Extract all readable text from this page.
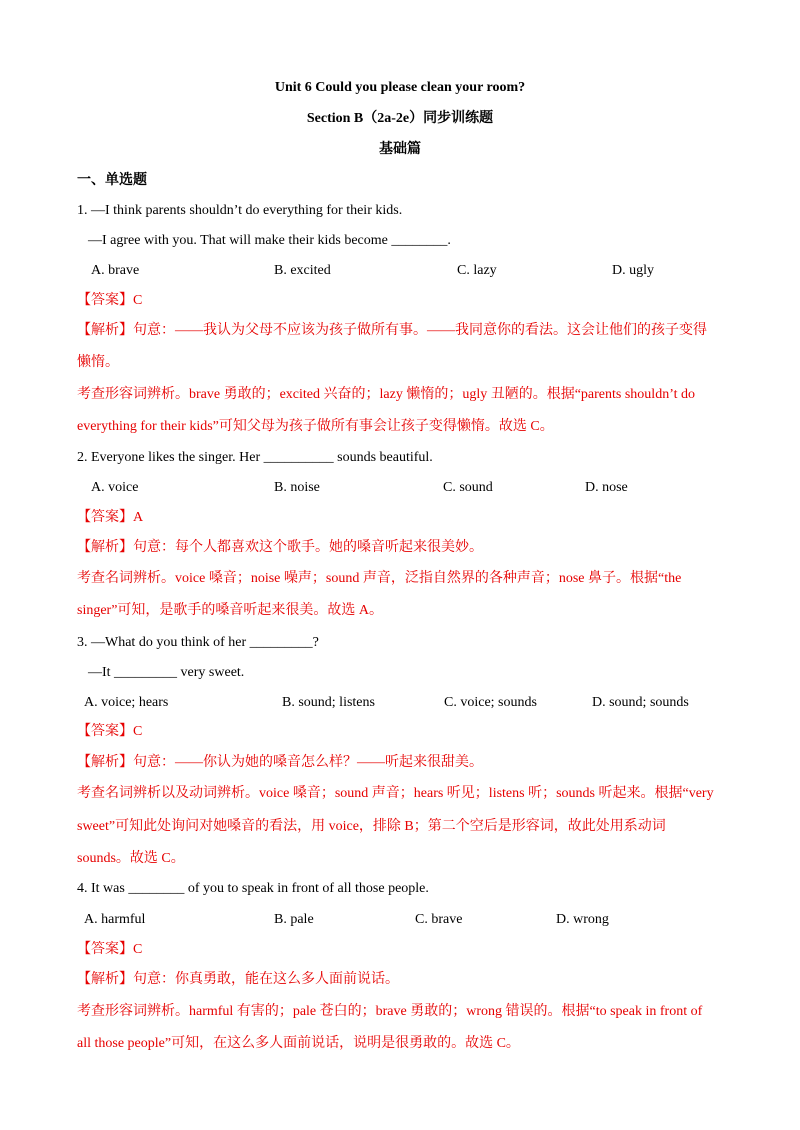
Unit 6 Could you please clean your room?
Section B（2a-2e）同步训练题
基础篇
一、单选题
1. —I think parents shouldn’t do everything for their kids.
—I agree with you. That will make their kids become ________.
A. brave	B. excited	C. lazy	D. ugly
【答案】C
【解析】句意：——我认为父母不应该为孩子做所有事。——我同意你的看法。这会让他们的孩子变得
懒惰。
考查形容词辨析。brave 勇敢的；excited 兴奋的；lazy 懒惰的；ugly 丑陋的。根据“parents shouldn’t do
everything for their kids”可知父母为孩子做所有事会让孩子变得懒惰。故选 C。
2. Everyone likes the singer. Her __________ sounds beautiful.
A. voice	B. noise	C. sound	D. nose
【答案】A
【解析】句意：每个人都喜欢这个歌手。她的嗓音听起来很美妙。
考查名词辨析。voice 嗓音；noise 噪声；sound 声音，泛指自然界的各种声音；nose 鼻子。根据“the
singer”可知，是歌手的嗓音听起来很美。故选 A。
3. —What do you think of her _________?
—It _________ very sweet.
A. voice; hears	B. sound; listens	C. voice; sounds	D. sound; sounds
【答案】C
【解析】句意：——你认为她的嗓音怎么样？——听起来很甜美。
考查名词辨析以及动词辨析。voice 嗓音；sound 声音；hears 听见；listens 听；sounds 听起来。根据“very
sweet”可知此处询问对她嗓音的看法，用 voice，排除 B；第二个空后是形容词，故此处用系动词
sounds。故选 C。
4. It was ________ of you to speak in front of all those people.
A. harmful	B. pale	C. brave	D. wrong
【答案】C
【解析】句意：你真勇敢，能在这么多人面前说话。
考查形容词辨析。harmful 有害的；pale 苍白的；brave 勇敢的；wrong 错误的。根据“to speak in front of
all those people”可知，在这么多人面前说话，说明是很勇敢的。故选 C。
